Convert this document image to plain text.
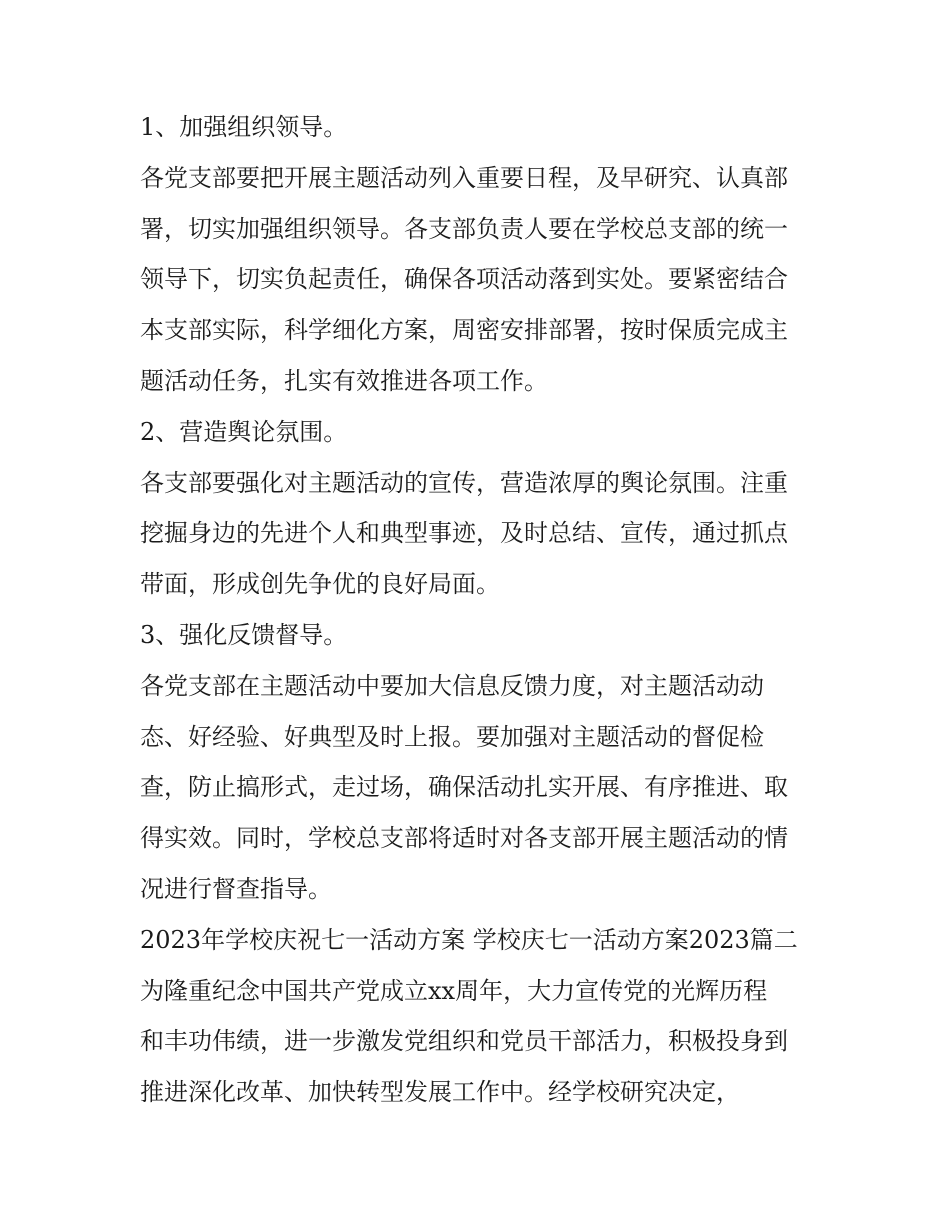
1、加强组织领导。
各党支部要把开展主题活动列入重要日程，及早研究、认真部
署，切实加强组织领导。各支部负责人要在学校总支部的统一
领导下，切实负起责任，确保各项活动落到实处。要紧密结合
本支部实际，科学细化方案，周密安排部署，按时保质完成主
题活动任务，扎实有效推进各项工作。
2、营造舆论氛围。
各支部要强化对主题活动的宣传，营造浓厚的舆论氛围。注重
挖掘身边的先进个人和典型事迹，及时总结、宣传，通过抓点
带面，形成创先争优的良好局面。
3、强化反馈督导。
各党支部在主题活动中要加大信息反馈力度，对主题活动动
态、好经验、好典型及时上报。要加强对主题活动的督促检
查，防止搞形式，走过场，确保活动扎实开展、有序推进、取
得实效。同时，学校总支部将适时对各支部开展主题活动的情
况进行督查指导。
2023年学校庆祝七一活动方案 学校庆七一活动方案2023篇二
为隆重纪念中国共产党成立xx周年，大力宣传党的光辉历程
和丰功伟绩，进一步激发党组织和党员干部活力，积极投身到
推进深化改革、加快转型发展工作中。经学校研究决定，
